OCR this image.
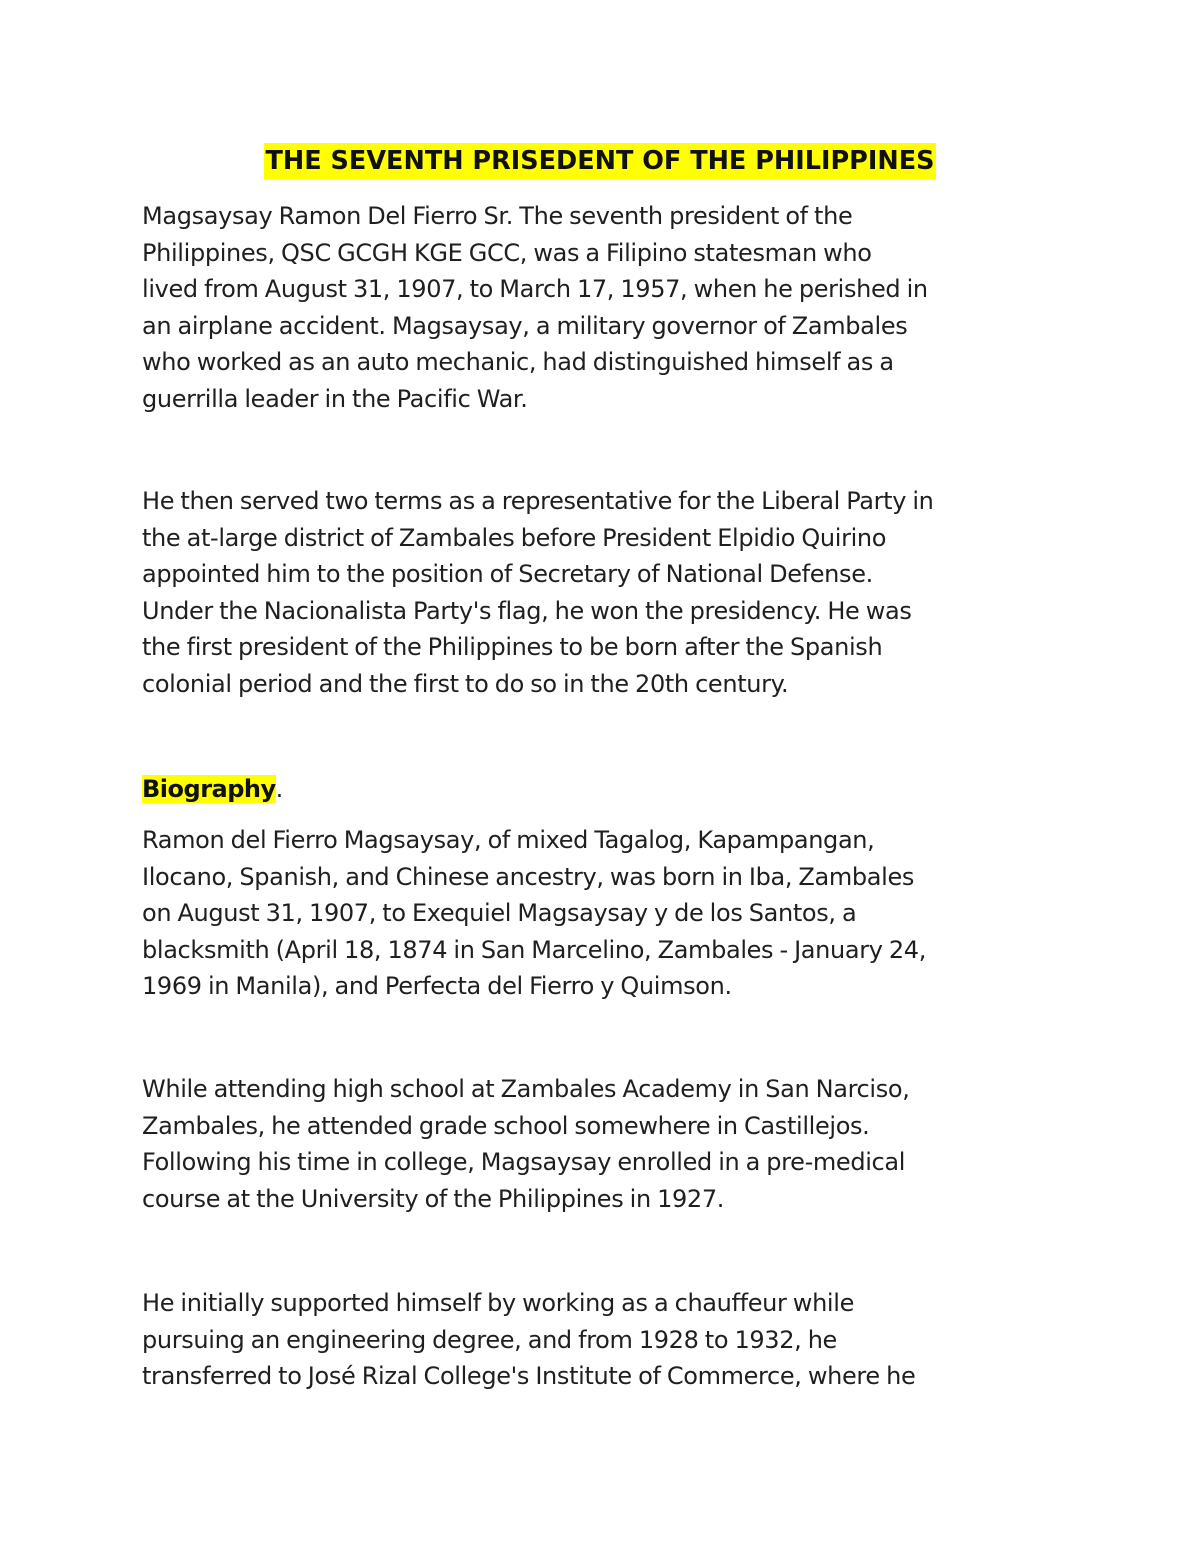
THE SEVENTH PRISEDENT OF THE PHILIPPINES

Magsaysay Ramon Del Fierro Sr. The seventh president of the
Philippines, QSC GCGH KGE GCC, was a Filipino statesman who
lived from August 31, 1907, to March 17, 1957, when he perished in
an airplane accident. Magsaysay, a military governor of Zambales
who worked as an auto mechanic, had distinguished himself as a
guerrilla leader in the Pacific War.

He then served two terms as a representative for the Liberal Party in
the at-large district of Zambales before President Elpidio Quirino
appointed him to the position of Secretary of National Defense.
Under the Nacionalista Party's flag, he won the presidency. He was
the first president of the Philippines to be born after the Spanish
colonial period and the first to do so in the 20th century.

Biography.

Ramon del Fierro Magsaysay, of mixed Tagalog, Kapampangan,
Ilocano, Spanish, and Chinese ancestry, was born in Iba, Zambales
on August 31, 1907, to Exequiel Magsaysay y de los Santos, a
blacksmith (April 18, 1874 in San Marcelino, Zambales - January 24,
1969 in Manila), and Perfecta del Fierro y Quimson.

While attending high school at Zambales Academy in San Narciso,
Zambales, he attended grade school somewhere in Castillejos.
Following his time in college, Magsaysay enrolled in a pre-medical
course at the University of the Philippines in 1927.

He initially supported himself by working as a chauffeur while
pursuing an engineering degree, and from 1928 to 1932, he
transferred to José Rizal College's Institute of Commerce, where he
